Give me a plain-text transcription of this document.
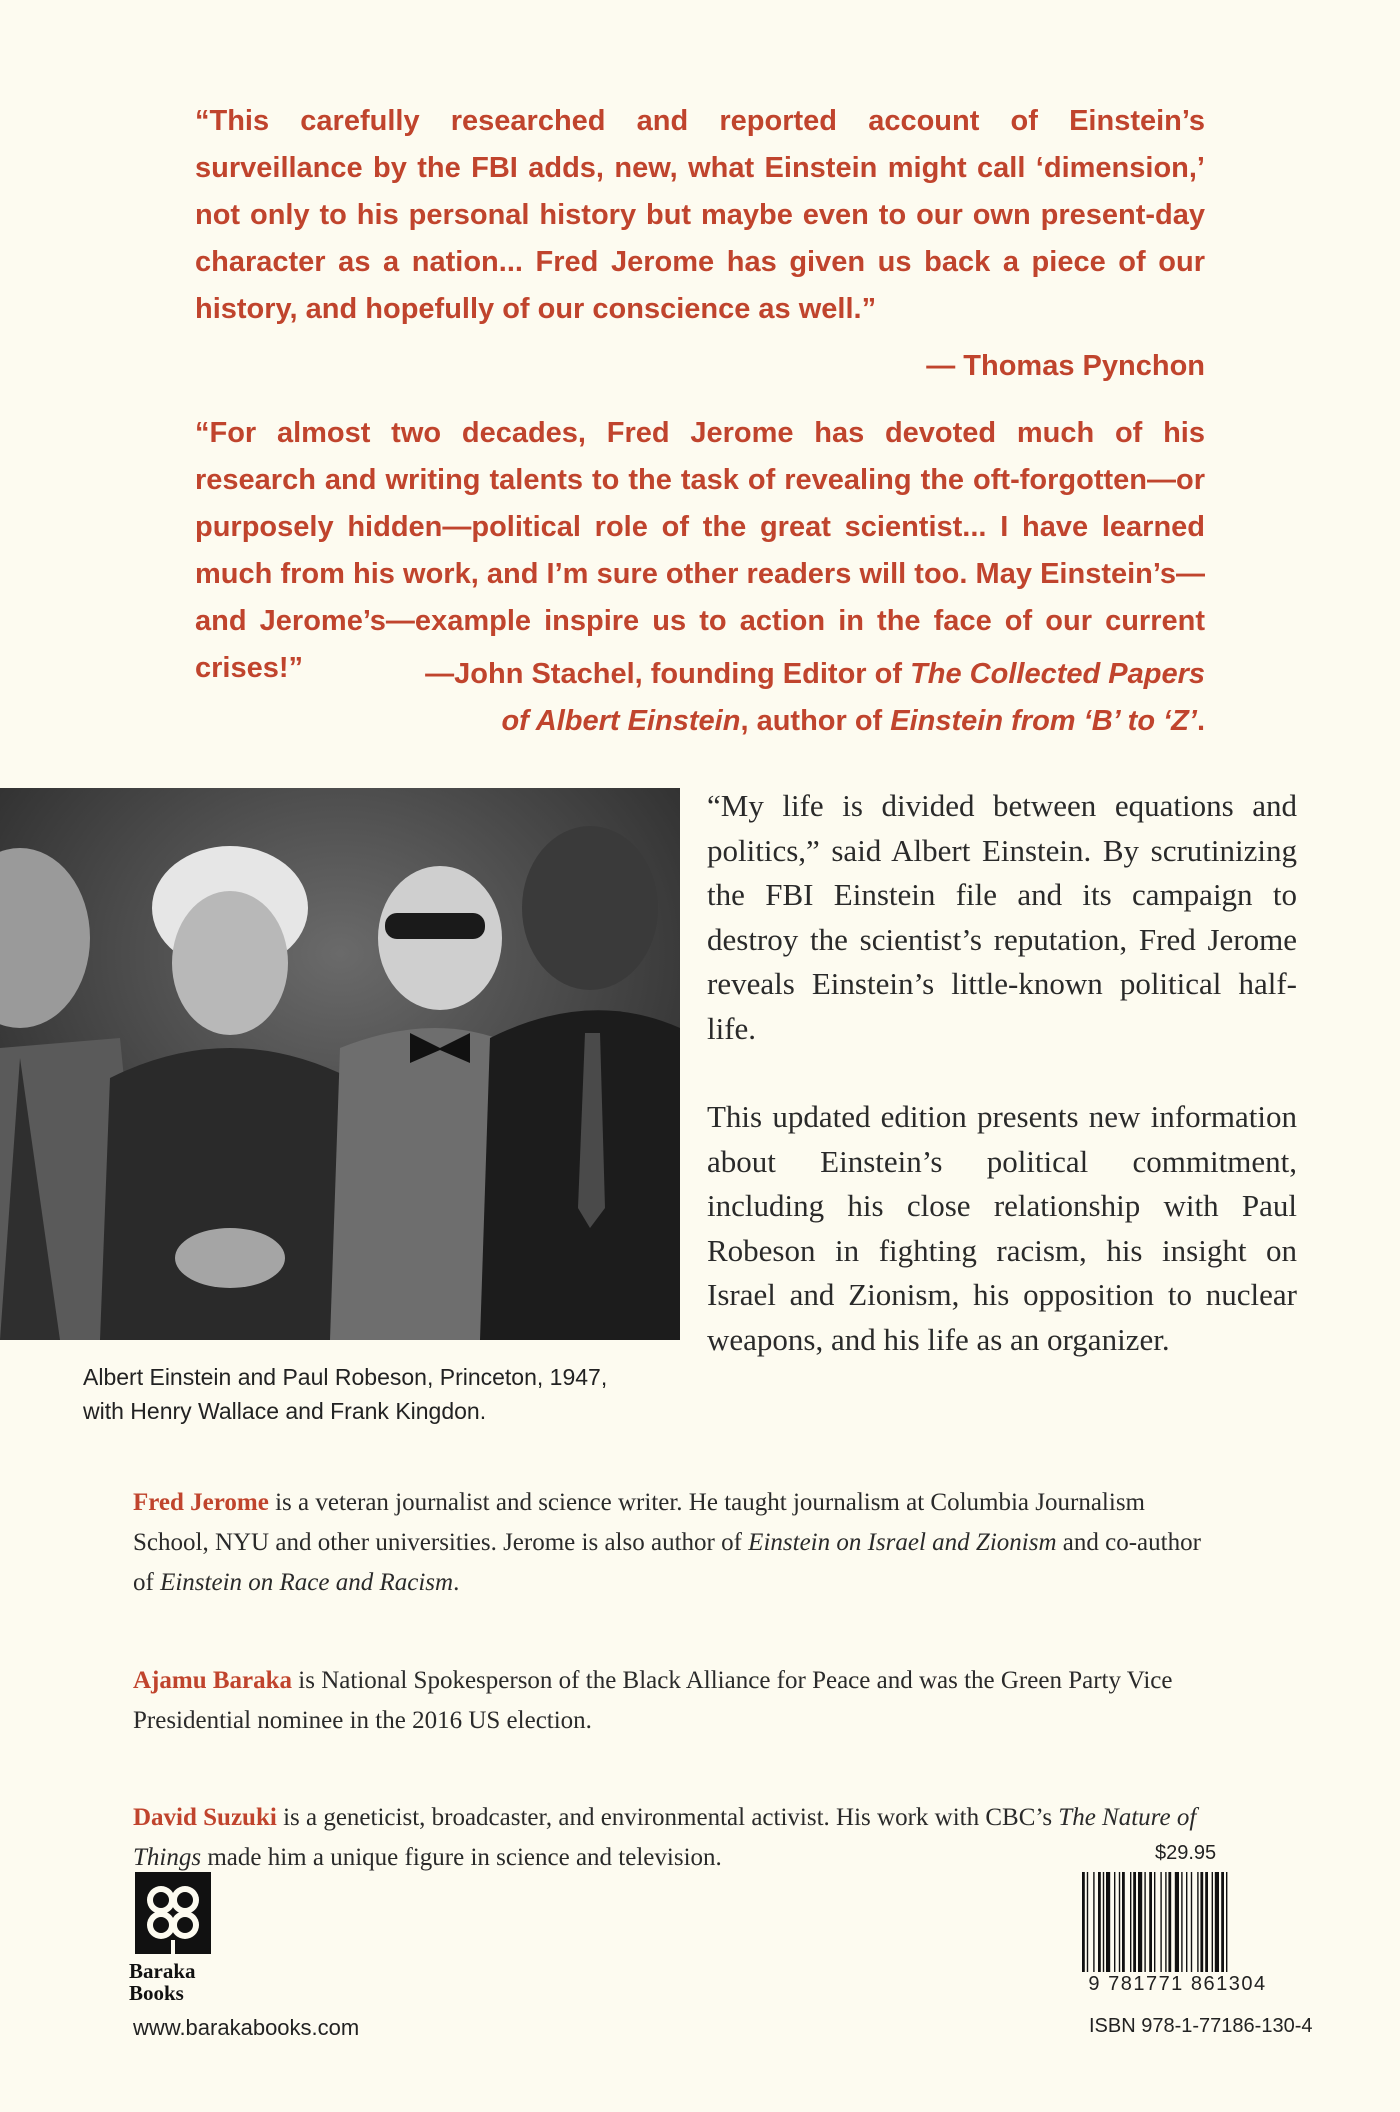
“This carefully researched and reported account of Einstein’s surveillance by the FBI adds, new, what Einstein might call ‘dimension,’ not only to his personal history but maybe even to our own present-day character as a nation... Fred Jerome has given us back a piece of our history, and hopefully of our conscience as well.”
— Thomas Pynchon
“For almost two decades, Fred Jerome has devoted much of his research and writing talents to the task of revealing the oft-forgotten—or purposely hidden—political role of the great scientist... I have learned much from his work, and I’m sure other readers will too. May Einstein’s—and Jerome’s—example inspire us to action in the face of our current crises!”	—John Stachel, founding Editor of The Collected Papers
of Albert Einstein, author of Einstein from ‘B’ to ‘Z’.
Albert Einstein and Paul Robeson, Princeton, 1947,
with Henry Wallace and Frank Kingdon.

“My life is divided between equations and politics,” said Albert Einstein. By scrutinizing the FBI Einstein file and its campaign to destroy the scientist’s reputation, Fred Jerome reveals Einstein’s little-known political half-life.

This updated edition presents new information about Einstein’s political commitment, including his close relationship with Paul Robeson in fighting racism, his insight on Israel and Zionism, his opposition to nuclear weapons, and his life as an organizer.

Fred Jerome is a veteran journalist and science writer. He taught journalism at Columbia Journalism School, NYU and other universities. Jerome is also author of Einstein on Israel and Zionism and co-author of Einstein on Race and Racism.
Ajamu Baraka is National Spokesperson of the Black Alliance for Peace and was the Green Party Vice Presidential nominee in the 2016 US election.
David Suzuki is a geneticist, broadcaster, and environmental activist. His work with CBC’s The Nature of Things made him a unique figure in science and television.
Baraka
Books
www.barakabooks.com
$29.95
9 781771 861304
ISBN 978-1-77186-130-4
